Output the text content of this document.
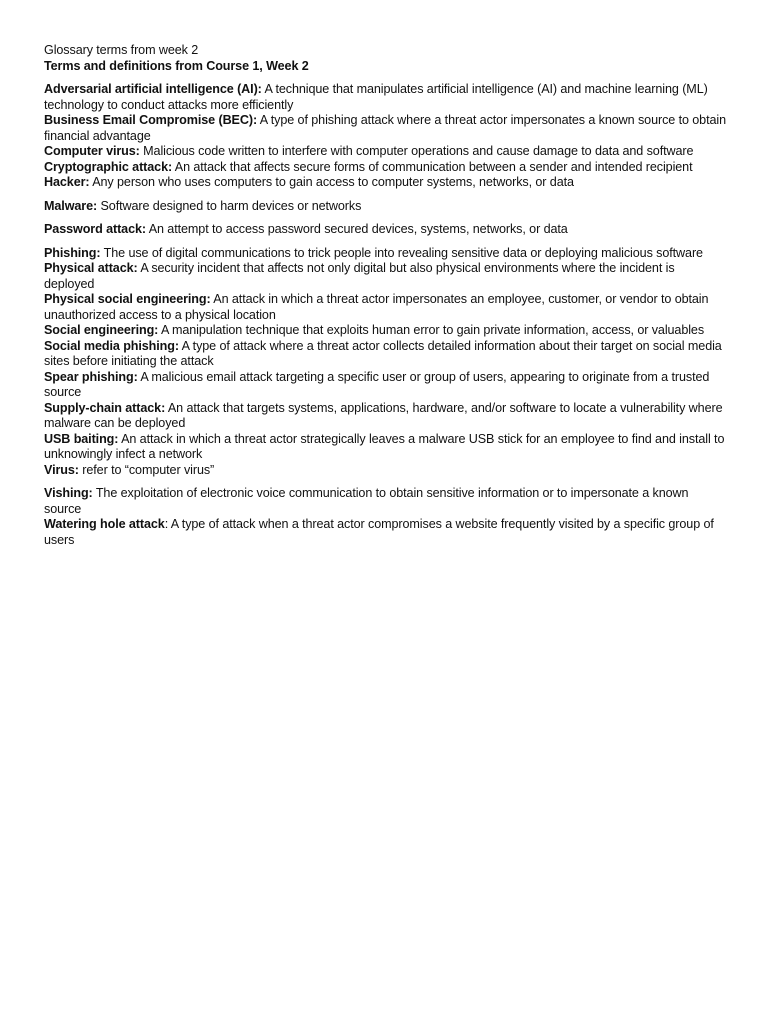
Glossary terms from week 2

Terms and definitions from Course 1, Week 2

Adversarial artificial intelligence (AI): A technique that manipulates artificial intelligence (AI) and machine learning (ML) technology to conduct attacks more efficiently

Business Email Compromise (BEC): A type of phishing attack where a threat actor impersonates a known source to obtain financial advantage

Computer virus: Malicious code written to interfere with computer operations and cause damage to data and software

Cryptographic attack: An attack that affects secure forms of communication between a sender and intended recipient

Hacker: Any person who uses computers to gain access to computer systems, networks, or data

Malware: Software designed to harm devices or networks

Password attack: An attempt to access password secured devices, systems, networks, or data

Phishing: The use of digital communications to trick people into revealing sensitive data or deploying malicious software

Physical attack: A security incident that affects not only digital but also physical environments where the incident is deployed

Physical social engineering: An attack in which a threat actor impersonates an employee, customer, or vendor to obtain unauthorized access to a physical location

Social engineering: A manipulation technique that exploits human error to gain private information, access, or valuables

Social media phishing: A type of attack where a threat actor collects detailed information about their target on social media sites before initiating the attack

Spear phishing: A malicious email attack targeting a specific user or group of users, appearing to originate from a trusted source

Supply-chain attack: An attack that targets systems, applications, hardware, and/or software to locate a vulnerability where malware can be deployed

USB baiting: An attack in which a threat actor strategically leaves a malware USB stick for an employee to find and install to unknowingly infect a network

Virus: refer to “computer virus”

Vishing: The exploitation of electronic voice communication to obtain sensitive information or to impersonate a known source

Watering hole attack: A type of attack when a threat actor compromises a website frequently visited by a specific group of users
